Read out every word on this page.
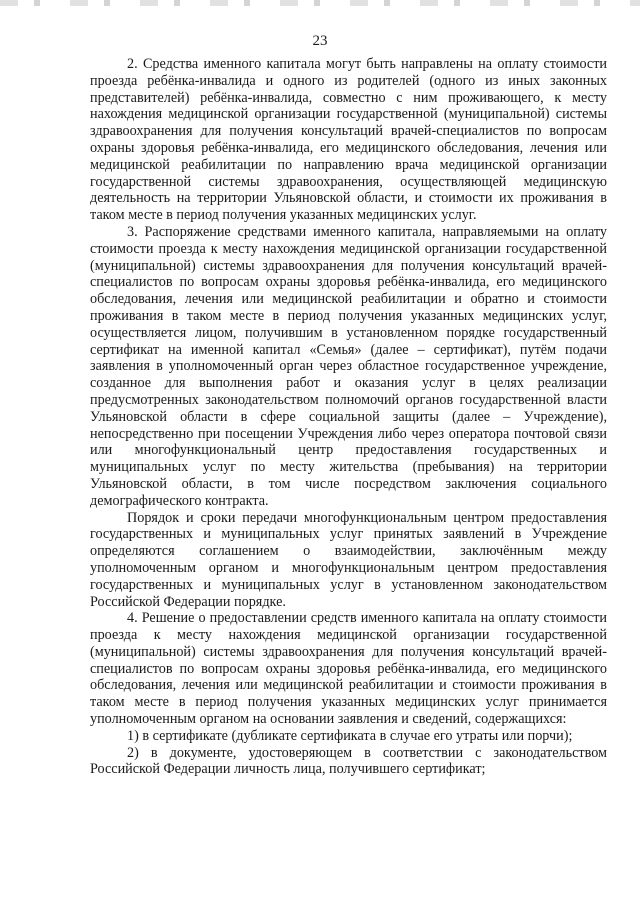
23

2. Средства именного капитала могут быть направлены на оплату стоимости проезда ребёнка-инвалида и одного из родителей (одного из иных законных представителей) ребёнка-инвалида, совместно с ним проживающего, к месту нахождения медицинской организации государственной (муниципальной) системы здравоохранения для получения консультаций врачей-специалистов по вопросам охраны здоровья ребёнка-инвалида, его медицинского обследования, лечения или медицинской реабилитации по направлению врача медицинской организации государственной системы здравоохранения, осуществляющей медицинскую деятельность на территории Ульяновской области, и стоимости их проживания в таком месте в период получения указанных медицинских услуг.

3. Распоряжение средствами именного капитала, направляемыми на оплату стоимости проезда к месту нахождения медицинской организации государственной (муниципальной) системы здравоохранения для получения консультаций врачей-специалистов по вопросам охраны здоровья ребёнка-инвалида, его медицинского обследования, лечения или медицинской реабилитации и обратно и стоимости проживания в таком месте в период получения указанных медицинских услуг, осуществляется лицом, получившим в установленном порядке государственный сертификат на именной капитал «Семья» (далее – сертификат), путём подачи заявления в уполномоченный орган через областное государственное учреждение, созданное для выполнения работ и оказания услуг в целях реализации предусмотренных законодательством полномочий органов государственной власти Ульяновской области в сфере социальной защиты (далее – Учреждение), непосредственно при посещении Учреждения либо через оператора почтовой связи или многофункциональный центр предоставления государственных и муниципальных услуг по месту жительства (пребывания) на территории Ульяновской области, в том числе посредством заключения социального демографического контракта.

Порядок и сроки передачи многофункциональным центром предоставления государственных и муниципальных услуг принятых заявлений в Учреждение определяются соглашением о взаимодействии, заключённым между уполномоченным органом и многофункциональным центром предоставления государственных и муниципальных услуг в установленном законодательством Российской Федерации порядке.

4. Решение о предоставлении средств именного капитала на оплату стоимости проезда к месту нахождения медицинской организации государственной (муниципальной) системы здравоохранения для получения консультаций врачей-специалистов по вопросам охраны здоровья ребёнка-инвалида, его медицинского обследования, лечения или медицинской реабилитации и стоимости проживания в таком месте в период получения указанных медицинских услуг принимается уполномоченным органом на основании заявления и сведений, содержащихся:

1) в сертификате (дубликате сертификата в случае его утраты или порчи);

2) в документе, удостоверяющем в соответствии с законодательством Российской Федерации личность лица, получившего сертификат;
